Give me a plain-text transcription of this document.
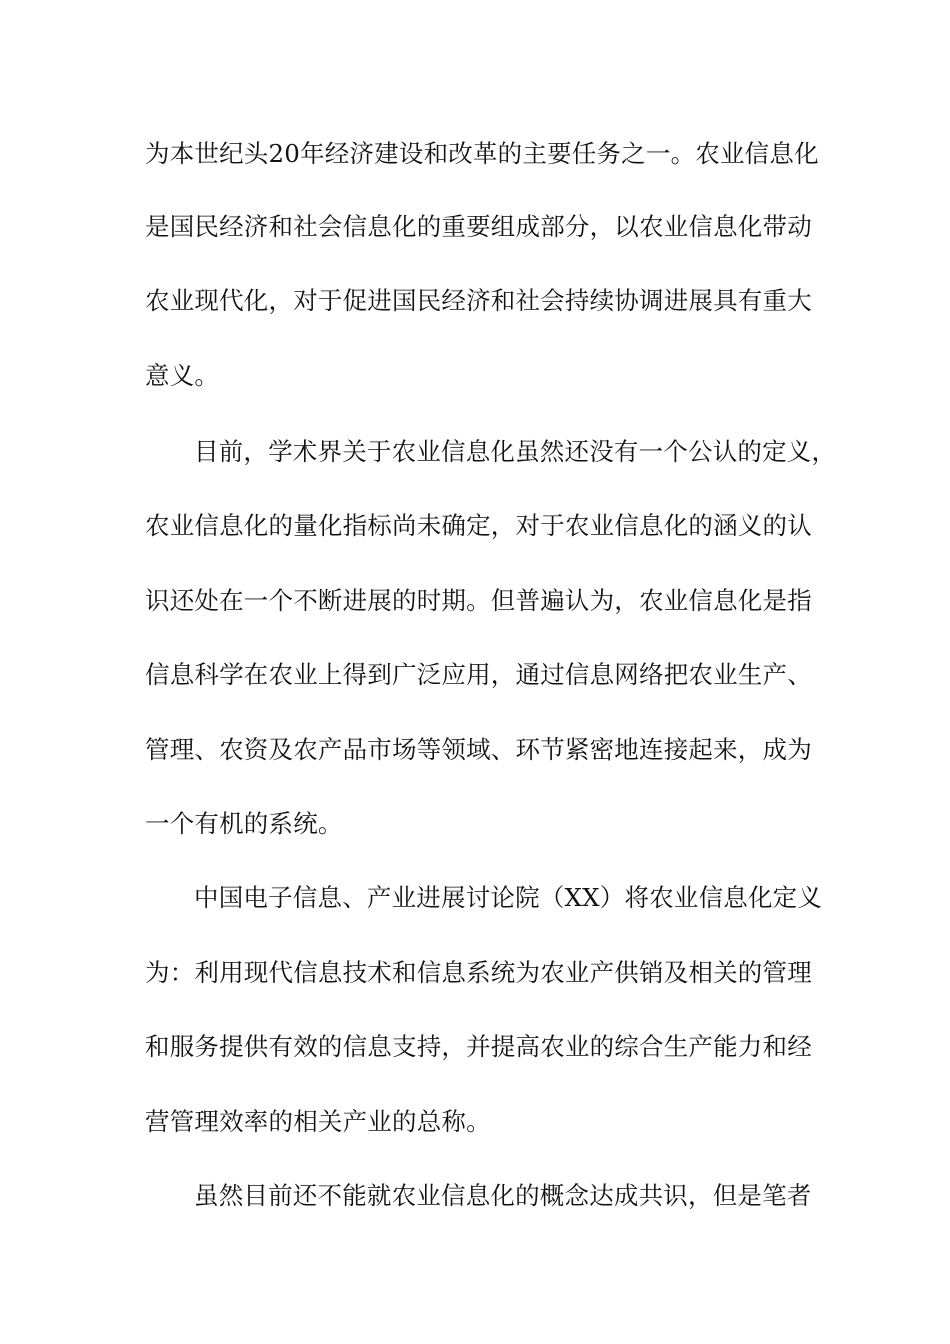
为本世纪头20年经济建设和改革的主要任务之一。农业信息化
是国民经济和社会信息化的重要组成部分，以农业信息化带动
农业现代化，对于促进国民经济和社会持续协调进展具有重大
意义。
目前，学术界关于农业信息化虽然还没有一个公认的定义，
农业信息化的量化指标尚未确定，对于农业信息化的涵义的认
识还处在一个不断进展的时期。但普遍认为，农业信息化是指
信息科学在农业上得到广泛应用，通过信息网络把农业生产、
管理、农资及农产品市场等领域、环节紧密地连接起来，成为
一个有机的系统。
中国电子信息、产业进展讨论院（XX）将农业信息化定义
为：利用现代信息技术和信息系统为农业产供销及相关的管理
和服务提供有效的信息支持，并提高农业的综合生产能力和经
营管理效率的相关产业的总称。
虽然目前还不能就农业信息化的概念达成共识，但是笔者
